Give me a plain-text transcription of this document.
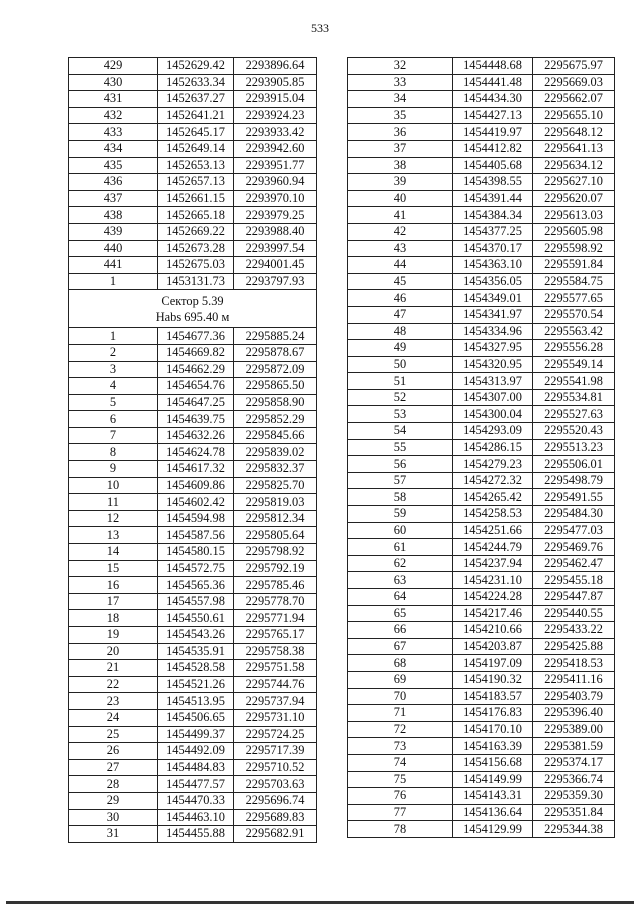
533
429	1452629.42	2293896.64
430	1452633.34	2293905.85
431	1452637.27	2293915.04
432	1452641.21	2293924.23
433	1452645.17	2293933.42
434	1452649.14	2293942.60
435	1452653.13	2293951.77
436	1452657.13	2293960.94
437	1452661.15	2293970.10
438	1452665.18	2293979.25
439	1452669.22	2293988.40
440	1452673.28	2293997.54
441	1452675.03	2294001.45
1	1453131.73	2293797.93

Сектор 5.39
Нabs 695.40 м		

1	1454677.36	2295885.24
2	1454669.82	2295878.67
3	1454662.29	2295872.09
4	1454654.76	2295865.50
5	1454647.25	2295858.90
6	1454639.75	2295852.29
7	1454632.26	2295845.66
8	1454624.78	2295839.02
9	1454617.32	2295832.37
10	1454609.86	2295825.70
11	1454602.42	2295819.03
12	1454594.98	2295812.34
13	1454587.56	2295805.64
14	1454580.15	2295798.92
15	1454572.75	2295792.19
16	1454565.36	2295785.46
17	1454557.98	2295778.70
18	1454550.61	2295771.94
19	1454543.26	2295765.17
20	1454535.91	2295758.38
21	1454528.58	2295751.58
22	1454521.26	2295744.76
23	1454513.95	2295737.94
24	1454506.65	2295731.10
25	1454499.37	2295724.25
26	1454492.09	2295717.39
27	1454484.83	2295710.52
28	1454477.57	2295703.63
29	1454470.33	2295696.74
30	1454463.10	2295689.83
31	1454455.88	2295682.91
32	1454448.68	2295675.97
33	1454441.48	2295669.03
34	1454434.30	2295662.07
35	1454427.13	2295655.10
36	1454419.97	2295648.12
37	1454412.82	2295641.13
38	1454405.68	2295634.12
39	1454398.55	2295627.10
40	1454391.44	2295620.07
41	1454384.34	2295613.03
42	1454377.25	2295605.98
43	1454370.17	2295598.92
44	1454363.10	2295591.84
45	1454356.05	2295584.75
46	1454349.01	2295577.65
47	1454341.97	2295570.54
48	1454334.96	2295563.42
49	1454327.95	2295556.28
50	1454320.95	2295549.14
51	1454313.97	2295541.98
52	1454307.00	2295534.81
53	1454300.04	2295527.63
54	1454293.09	2295520.43
55	1454286.15	2295513.23
56	1454279.23	2295506.01
57	1454272.32	2295498.79
58	1454265.42	2295491.55
59	1454258.53	2295484.30
60	1454251.66	2295477.03
61	1454244.79	2295469.76
62	1454237.94	2295462.47
63	1454231.10	2295455.18
64	1454224.28	2295447.87
65	1454217.46	2295440.55
66	1454210.66	2295433.22
67	1454203.87	2295425.88
68	1454197.09	2295418.53
69	1454190.32	2295411.16
70	1454183.57	2295403.79
71	1454176.83	2295396.40
72	1454170.10	2295389.00
73	1454163.39	2295381.59
74	1454156.68	2295374.17
75	1454149.99	2295366.74
76	1454143.31	2295359.30
77	1454136.64	2295351.84
78	1454129.99	2295344.38
